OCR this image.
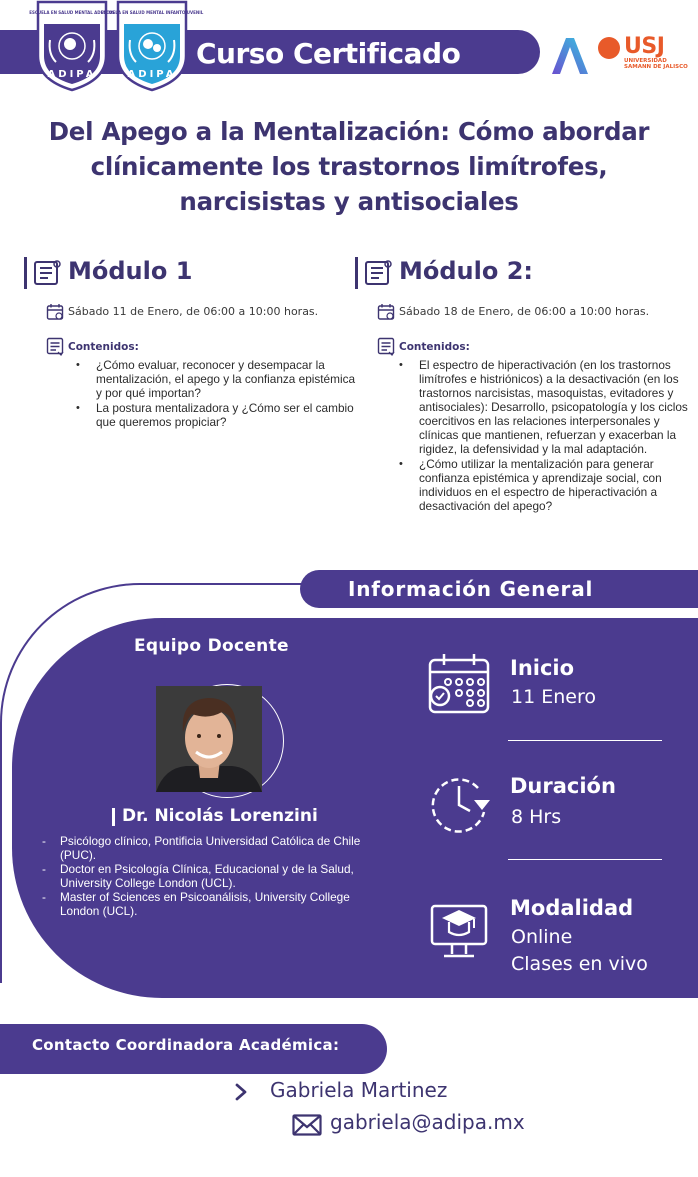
ESCUELA EN SALUD MENTAL ADULTOS
ADIPA
ESCUELA EN SALUD MENTAL INFANTOJUVENIL
ADIPA
Curso Certificado	USJ
UNIVERSIDAD SAMANN DE JALISCO
Del Apego a la Mentalización: Cómo abordar clínicamente los trastornos limítrofes, narcisistas y antisociales
Módulo 1
Sábado 11 de Enero, de 06:00 a 10:00 horas.
Contenidos:
• ¿Cómo evaluar, reconocer y desempacar la mentalización, el apego y la confianza epistémica y por qué importan?
• La postura mentalizadora y ¿Cómo ser el cambio que queremos propiciar?
Módulo 2:
Sábado 18 de Enero, de 06:00 a 10:00 horas.
Contenidos:
• El espectro de hiperactivación (en los trastornos limítrofes e histriónicos) a la desactivación (en los trastornos narcisistas, masoquistas, evitadores y antisociales): Desarrollo, psicopatología y los ciclos coercitivos en las relaciones interpersonales y clínicas que mantienen, refuerzan y exacerban la rigidez, la defensividad y la mal adaptación.
• ¿Cómo utilizar la mentalización para generar confianza epistémica y aprendizaje social, con individuos en el espectro de hiperactivación a desactivación del apego?
Información General
Equipo Docente
Dr. Nicolás Lorenzini
- Psicólogo clínico, Pontificia Universidad Católica de Chile (PUC).
- Doctor en Psicología Clínica, Educacional y de la Salud, University College London (UCL).
- Master of Sciences en Psicoanálisis, University College London (UCL).
Inicio
11 Enero
Duración
8 Hrs
Modalidad
Online
Clases en vivo
Contacto Coordinadora Académica:
Gabriela Martinez
gabriela@adipa.mx
